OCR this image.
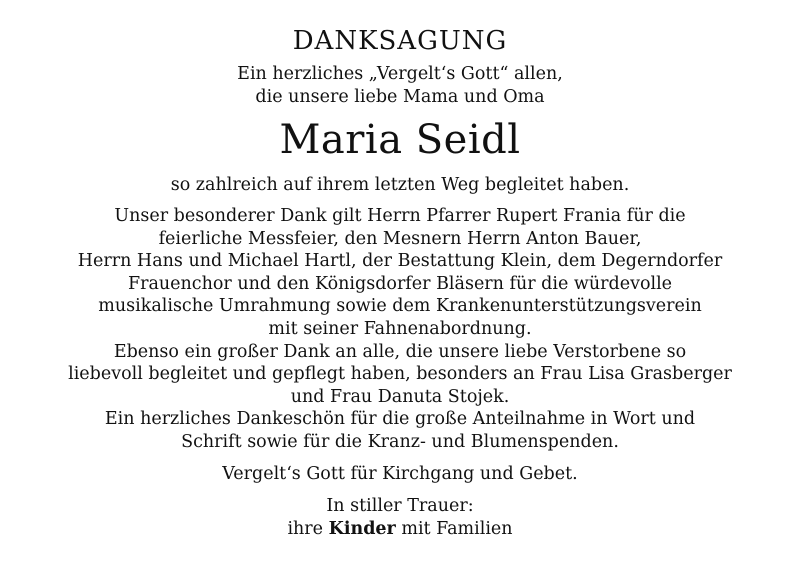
DANKSAGUNG
Ein herzliches „Vergelt‘s Gott“ allen,
die unsere liebe Mama und Oma
Maria Seidl
so zahlreich auf ihrem letzten Weg begleitet haben.
Unser besonderer Dank gilt Herrn Pfarrer Rupert Frania für die
feierliche Messfeier, den Mesnern Herrn Anton Bauer,
Herrn Hans und Michael Hartl, der Bestattung Klein, dem Degerndorfer
Frauenchor und den Königsdorfer Bläsern für die würdevolle
musikalische Umrahmung sowie dem Krankenunterstützungsverein
mit seiner Fahnenabordnung.
Ebenso ein großer Dank an alle, die unsere liebe Verstorbene so
liebevoll begleitet und gepflegt haben, besonders an Frau Lisa Grasberger
und Frau Danuta Stojek.
Ein herzliches Dankeschön für die große Anteilnahme in Wort und
Schrift sowie für die Kranz- und Blumenspenden.
Vergelt‘s Gott für Kirchgang und Gebet.
In stiller Trauer:
ihre Kinder mit Familien
